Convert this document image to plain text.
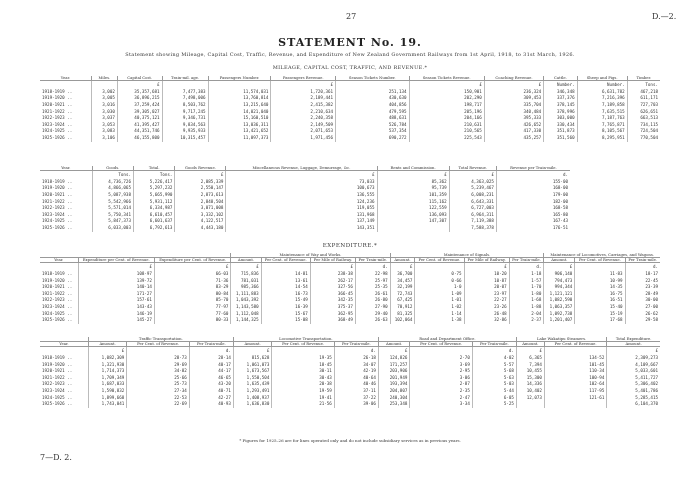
27	D.—2.
STATEMENT No. 19.
Statement showing Mileage, Capital Cost, Traffic, Revenue, and Expenditure of New Zealand Government Railways from 1st April, 1918, to 31st March, 1926.
MILEAGE, CAPITAL COST, TRAFFIC, AND REVENUE.*
Year.	Miles.	Capital Cost.	Train-mil. age.	Passengers Number.	Passengers Revenue.	Season Tickets Number.	Season Tickets Revenue.	Coaching Revenue.	Cattle.	Sheep and Pigs.	Timber.
		£			£		£	£	Number.	Number.	Tons.
1918-1919 ..	3,002	35,357,681	7,477,383	11,574,031	1,720,361	251,134	150,901	236,324	346,348	6,631,782	467,218
1919-1920 ..	3,005	36,896,215	7,498,006	13,760,814	2,189,441	430,630	202,290	309,453	337,376	7,216,396	611,171
1920-1921 ..	3,016	37,259,424	8,503,762	13,215,640	2,415,382	404,856	198,717	335,704	378,145	7,189,858	727,703
1921-1922 ..	3,030	39,305,027	9,717,245	14,021,040	2,210,634	479,595	205,196	340,484	378,996	7,635,515	626,651
1922-1923 ..	3,037	40,375,121	9,346,731	15,160,510	2,240,358	488,631	204,166	395,333	303,000	7,187,763	663,513
1923-1924 ..	3,053	41,395,427	9,834,563	13,036,311	2,149,509	526,784	210,631	426,652	330,434	7,765,871	734,115
1924-1925 ..	3,083	44,351,746	9,935,933	13,421,652	2,071,653	537,354	210,565	417,330	351,873	8,105,567	724,504
1925-1926 ..	3,106	46,155,800	10,315,457	11,097,373	1,971,456	690,272	225,543	435,257	351,560	8,295,951	770,504
Year.	Goods.	Total.	Goods Revenue.	Miscellaneous Revenue, Luggage, Demurrage, &c.	Rents and Commission.	Total Revenue.	Revenue per Train-mile.
	Tons.	Tons.	£	£	£	£	d.
1918-1919 ..	4,736,726	5,226,417	2,085,339	73,033	85,362	4,363,025	155·00
1919-1920 ..	4,866,065	5,297,232	2,550,147	100,673	95,739	5,239,467	168·00
1920-1921 ..	5,087,938	5,665,990	2,873,613	136,555	101,359	6,008,231	179·00
1921-1922 ..	5,542,966	5,931,112	2,848,504	124,236	115,162	6,643,331	182·00
1922-1923 ..	5,571,014	6,334,987	3,071,008	119,055	122,559	6,727,003	168·58
1923-1924 ..	5,750,341	6,610,457	3,332,102	131,968	136,093	6,964,311	165·80
1924-1925 ..	5,847,373	6,601,637	4,122,517	137,149	147,307	7,119,388	167·43
1925-1926 ..	6,033,003	6,792,613	4,443,180	143,351		7,588,378	176·51
EXPENDITURE.*
			Maintenance of Way and Works.				Maintenance of Signals.				Maintenance of Locomotives, Carriages, and Wagons.		
Year.	Expenditure per Cent. of Revenue.	Expenditure per Cent. of Revenue.	Amount.	Per Cent. of Revenue.	Per Mile of Railway.	Per Train-mile.	Amount.	Per Cent. of Revenue.	Per Mile of Railway.	Per Train-mile.	Amount.	Per Cent. of Revenue.	Per Train-mile.
	£	£	£		£	d.	£		£	d.	£		d.
1918-1919 ..	108·97	66·03	715,836	14·81	238·38	22·98	36,700	0·75	10·20	1·18	906,140	11·83	18·17
1919-1920 ..	139·72	71·36	781,031	13·61	262·17	25·97	34,457	0·66	10·87	1·57	794,473	10·99	22·45
1920-1921 ..	140·14	83·29	985,366	14·54	327·56	25·35	32,199	1·0	20·07	1·70	994,344	14·35	23·39
1921-1922 ..	171·27	80·84	1,111,883	16·73	366·45	26·61	72,743	1·09	23·97	1·80	1,121,121	16·75	28·49
1922-1923 ..	157·61	85·70	1,043,392	15·49	342·35	26·80	67,425	1·01	22·27	1·68	1,082,590	16·51	30·00
1923-1924 ..	143·43	77·97	1,143,580	16·39	375·37	27·90	70,912	1·02	23·26	1·88	1,063,357	15·40	27·00
1924-1925 ..	146·19	77·60	1,112,048	15·67	362·95	29·40	81,325	1·14	26·48	2·04	1,092,738	15·19	26·62
1925-1926 ..	145·27	80·33	1,144,325	15·08	368·49	26·63	102,064	1·38	32·86	2·37	1,201,407	17·68	29·58
	Traffic Transportation.			Locomotive Transportation.			Road and Department Office.			Lake Wakatipu Steamers.		Total Expenditure.
Year.	Amount.	Per Cent. of Revenue.	Per Train-mile.	Amount.	Per Cent. of Revenue.	Per Train-mile.	Amount.	Per Cent. of Revenue.	Per Train-mile.	Amount.	Per Cent. of Revenue.	Amount.
	£		d.	£		d.	£		d.	£		£
1918-1919 ..	1,082,309	28·73	28·14	815,628	19·35	26·18	124,826	2·70	4·02	6,365	134·52	2,309,273
1919-1920 ..	1,321,930	29·69	40·17	1,061,073	18·45	34·07	171,257	3·69	5·57	7,394	101·45	4,109,667
1920-1921 ..	1,714,373	34·82	44·17	1,673,567	30·11	42·19	203,906	2·95	5·68	10,455	110·34	5,033,601
1921-1922 ..	1,709,349	25·66	46·65	1,550,504	30·43	40·64	201,949	3·06	5·63	15,300	100·94	5,411,727
1922-1923 ..	1,687,033	25·73	43·20	1,635,439	20·38	40·46	193,394	2·87	5·03	14,336	102·64	5,306,402
1923-1924 ..	1,590,832	27·34	40·71	1,293,491	19·59	37·11	204,807	2·35	5·44	10,402	117·95	5,401,786
1924-1925 ..	1,899,668	22·53	42·27	1,408,937	19·41	37·22	240,304	2·47	6·05	12,073	121·61	5,285,415
1925-1926 ..	1,743,041	22·69	40·93	1,636,830	21·56	39·06	253,348	3·34	5·25			6,104,370
* Figures for 1925–26 are for lines operated only and do not include subsidiary services as in previous years.
7—D. 2.
